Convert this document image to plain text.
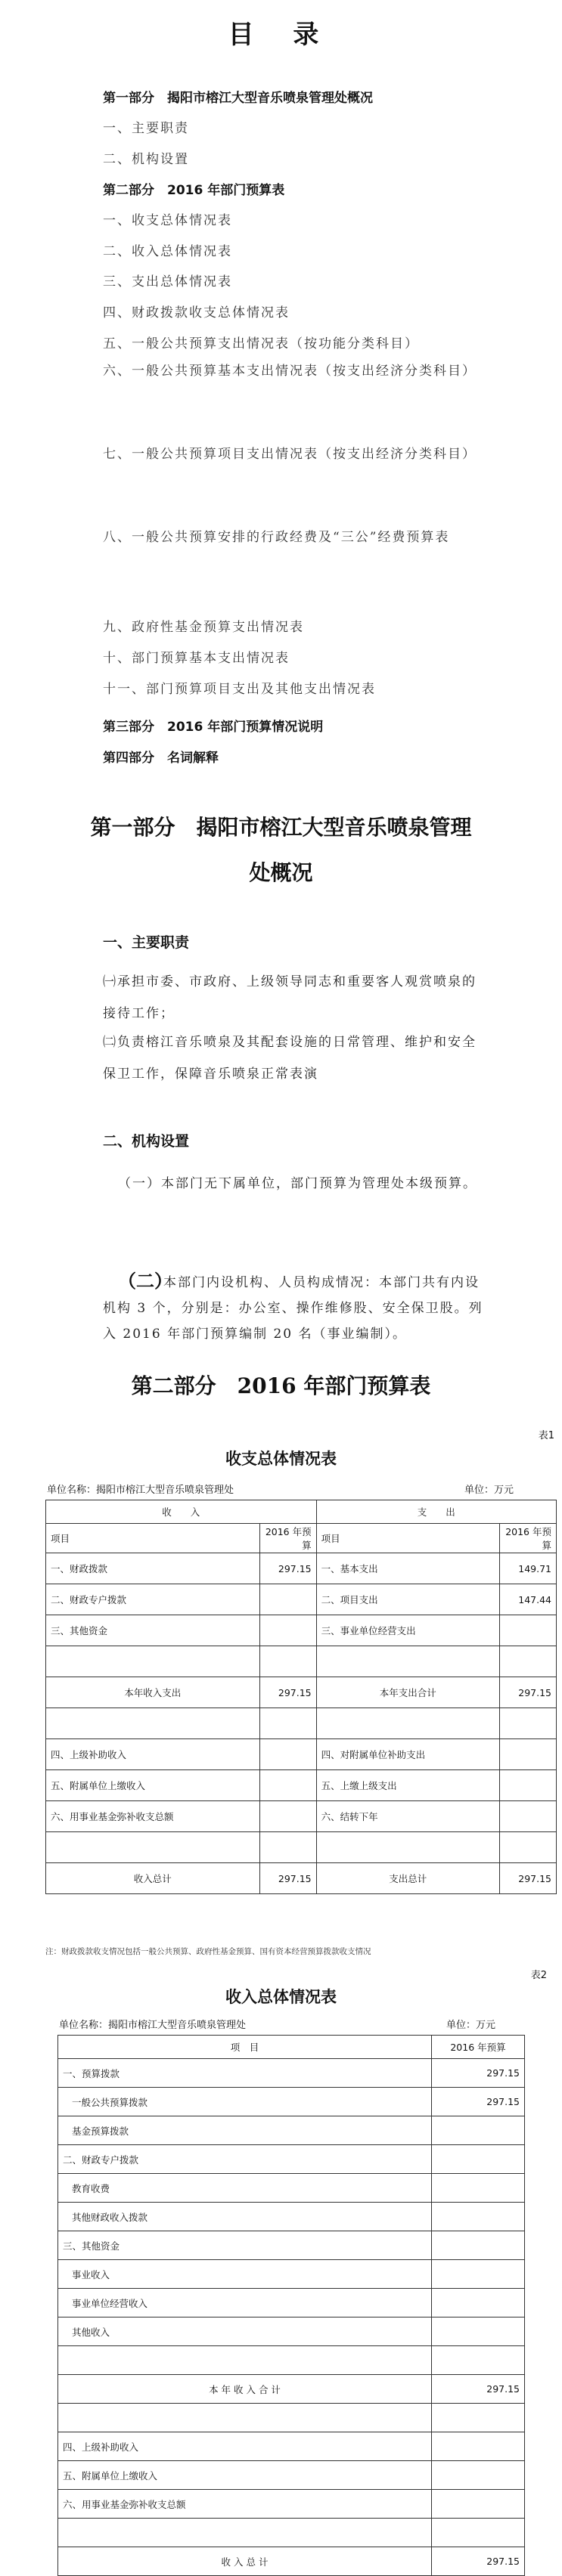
目 录
第一部分　揭阳市榕江大型音乐喷泉管理处概况
一、主要职责
二、机构设置
第二部分　2016 年部门预算表
一、收支总体情况表
二、收入总体情况表
三、支出总体情况表
四、财政拨款收支总体情况表
五、一般公共预算支出情况表（按功能分类科目）
六、一般公共预算基本支出情况表（按支出经济分类科目）
七、一般公共预算项目支出情况表（按支出经济分类科目）
八、一般公共预算安排的行政经费及“三公”经费预算表
九、政府性基金预算支出情况表
十、部门预算基本支出情况表
十一、部门预算项目支出及其他支出情况表
第三部分　2016 年部门预算情况说明
第四部分　名词解释
第一部分　揭阳市榕江大型音乐喷泉管理
处概况
一、主要职责
㈠承担市委、市政府、上级领导同志和重要客人观赏喷泉的接待工作；
㈡负责榕江音乐喷泉及其配套设施的日常管理、维护和安全保卫工作，保障音乐喷泉正常表演
二、机构设置
（一）本部门无下属单位，部门预算为管理处本级预算。
（二）
本部门内设机构、人员构成情况：本部门共有内设机构 3 个，分别是：办公室、操作维修股、安全保卫股。列入 2016 年部门预算编制 20 名（事业编制）。
第二部分　2016 年部门预算表
表1
收支总体情况表
单位名称：揭阳市榕江大型音乐喷泉管理处	单位：万元
收　　入		支　　出	
项目	2016 年预算	项目	2016 年预算
一、财政拨款	297.15	一、基本支出	149.71
二、财政专户拨款		二、项目支出	147.44
三、其他资金		三、事业单位经营支出	

本年收入支出	297.15	本年支出合计	297.15

四、上级补助收入		四、对附属单位补助支出	
五、附属单位上缴收入		五、上缴上级支出	
六、用事业基金弥补收支总额		六、结转下年	

收入总计	297.15	支出总计	297.15
注：财政拨款收支情况包括一般公共预算、政府性基金预算、国有资本经营预算拨款收支情况
表2
收入总体情况表
单位名称：揭阳市榕江大型音乐喷泉管理处	单位：万元
项　目	2016 年预算
一、预算拨款	297.15
一般公共预算拨款	297.15
基金预算拨款	
二、财政专户拨款	
教育收费	
其他财政收入拨款	
三、其他资金	
事业收入	
事业单位经营收入	
其他收入	

本 年 收 入 合 计	297.15

四、上级补助收入	
五、附属单位上缴收入	
六、用事业基金弥补收支总额	

收 入 总 计	297.15
